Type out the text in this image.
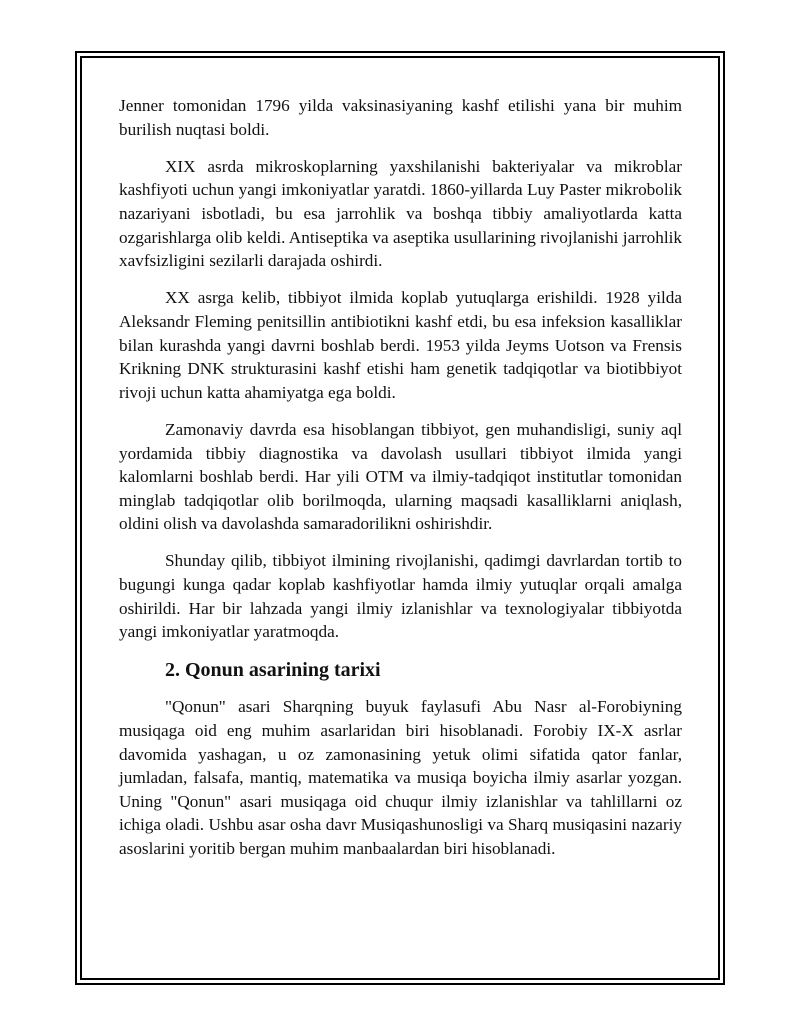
Jenner tomonidan 1796 yilda vaksinasiyaning kashf etilishi yana bir muhim burilish nuqtasi boldi.

XIX asrda mikroskoplarning yaxshilanishi bakteriyalar va mikroblar kashfiyoti uchun yangi imkoniyatlar yaratdi. 1860-yillarda Luy Paster mikrobolik nazariyani isbotladi, bu esa jarrohlik va boshqa tibbiy amaliyotlarda katta ozgarishlarga olib keldi. Antiseptika va aseptika usullarining rivojlanishi jarrohlik xavfsizligini sezilarli darajada oshirdi.

XX asrga kelib, tibbiyot ilmida koplab yutuqlarga erishildi. 1928 yilda Aleksandr Fleming penitsillin antibiotikni kashf etdi, bu esa infeksion kasalliklar bilan kurashda yangi davrni boshlab berdi. 1953 yilda Jeyms Uotson va Frensis Krikning DNK strukturasini kashf etishi ham genetik tadqiqotlar va biotibbiyot rivoji uchun katta ahamiyatga ega boldi.

Zamonaviy davrda esa hisoblangan tibbiyot, gen muhandisligi, suniy aql yordamida tibbiy diagnostika va davolash usullari tibbiyot ilmida yangi kalomlarni boshlab berdi. Har yili OTM va ilmiy-tadqiqot institutlar tomonidan minglab tadqiqotlar olib borilmoqda, ularning maqsadi kasalliklarni aniqlash, oldini olish va davolashda samaradorilikni oshirishdir.

Shunday qilib, tibbiyot ilmining rivojlanishi, qadimgi davrlardan tortib to bugungi kunga qadar koplab kashfiyotlar hamda ilmiy yutuqlar orqali amalga oshirildi. Har bir lahzada yangi ilmiy izlanishlar va texnologiyalar tibbiyotda yangi imkoniyatlar yaratmoqda.

2. Qonun asarining tarixi

"Qonun" asari Sharqning buyuk faylasufi Abu Nasr al-Forobiyning musiqaga oid eng muhim asarlaridan biri hisoblanadi. Forobiy IX-X asrlar davomida yashagan, u oz zamonasining yetuk olimi sifatida qator fanlar, jumladan, falsafa, mantiq, matematika va musiqa boyicha ilmiy asarlar yozgan. Uning "Qonun" asari musiqaga oid chuqur ilmiy izlanishlar va tahlillarni oz ichiga oladi. Ushbu asar osha davr Musiqashunosligi va Sharq musiqasini nazariy asoslarini yoritib bergan muhim manbaalardan biri hisoblanadi.
